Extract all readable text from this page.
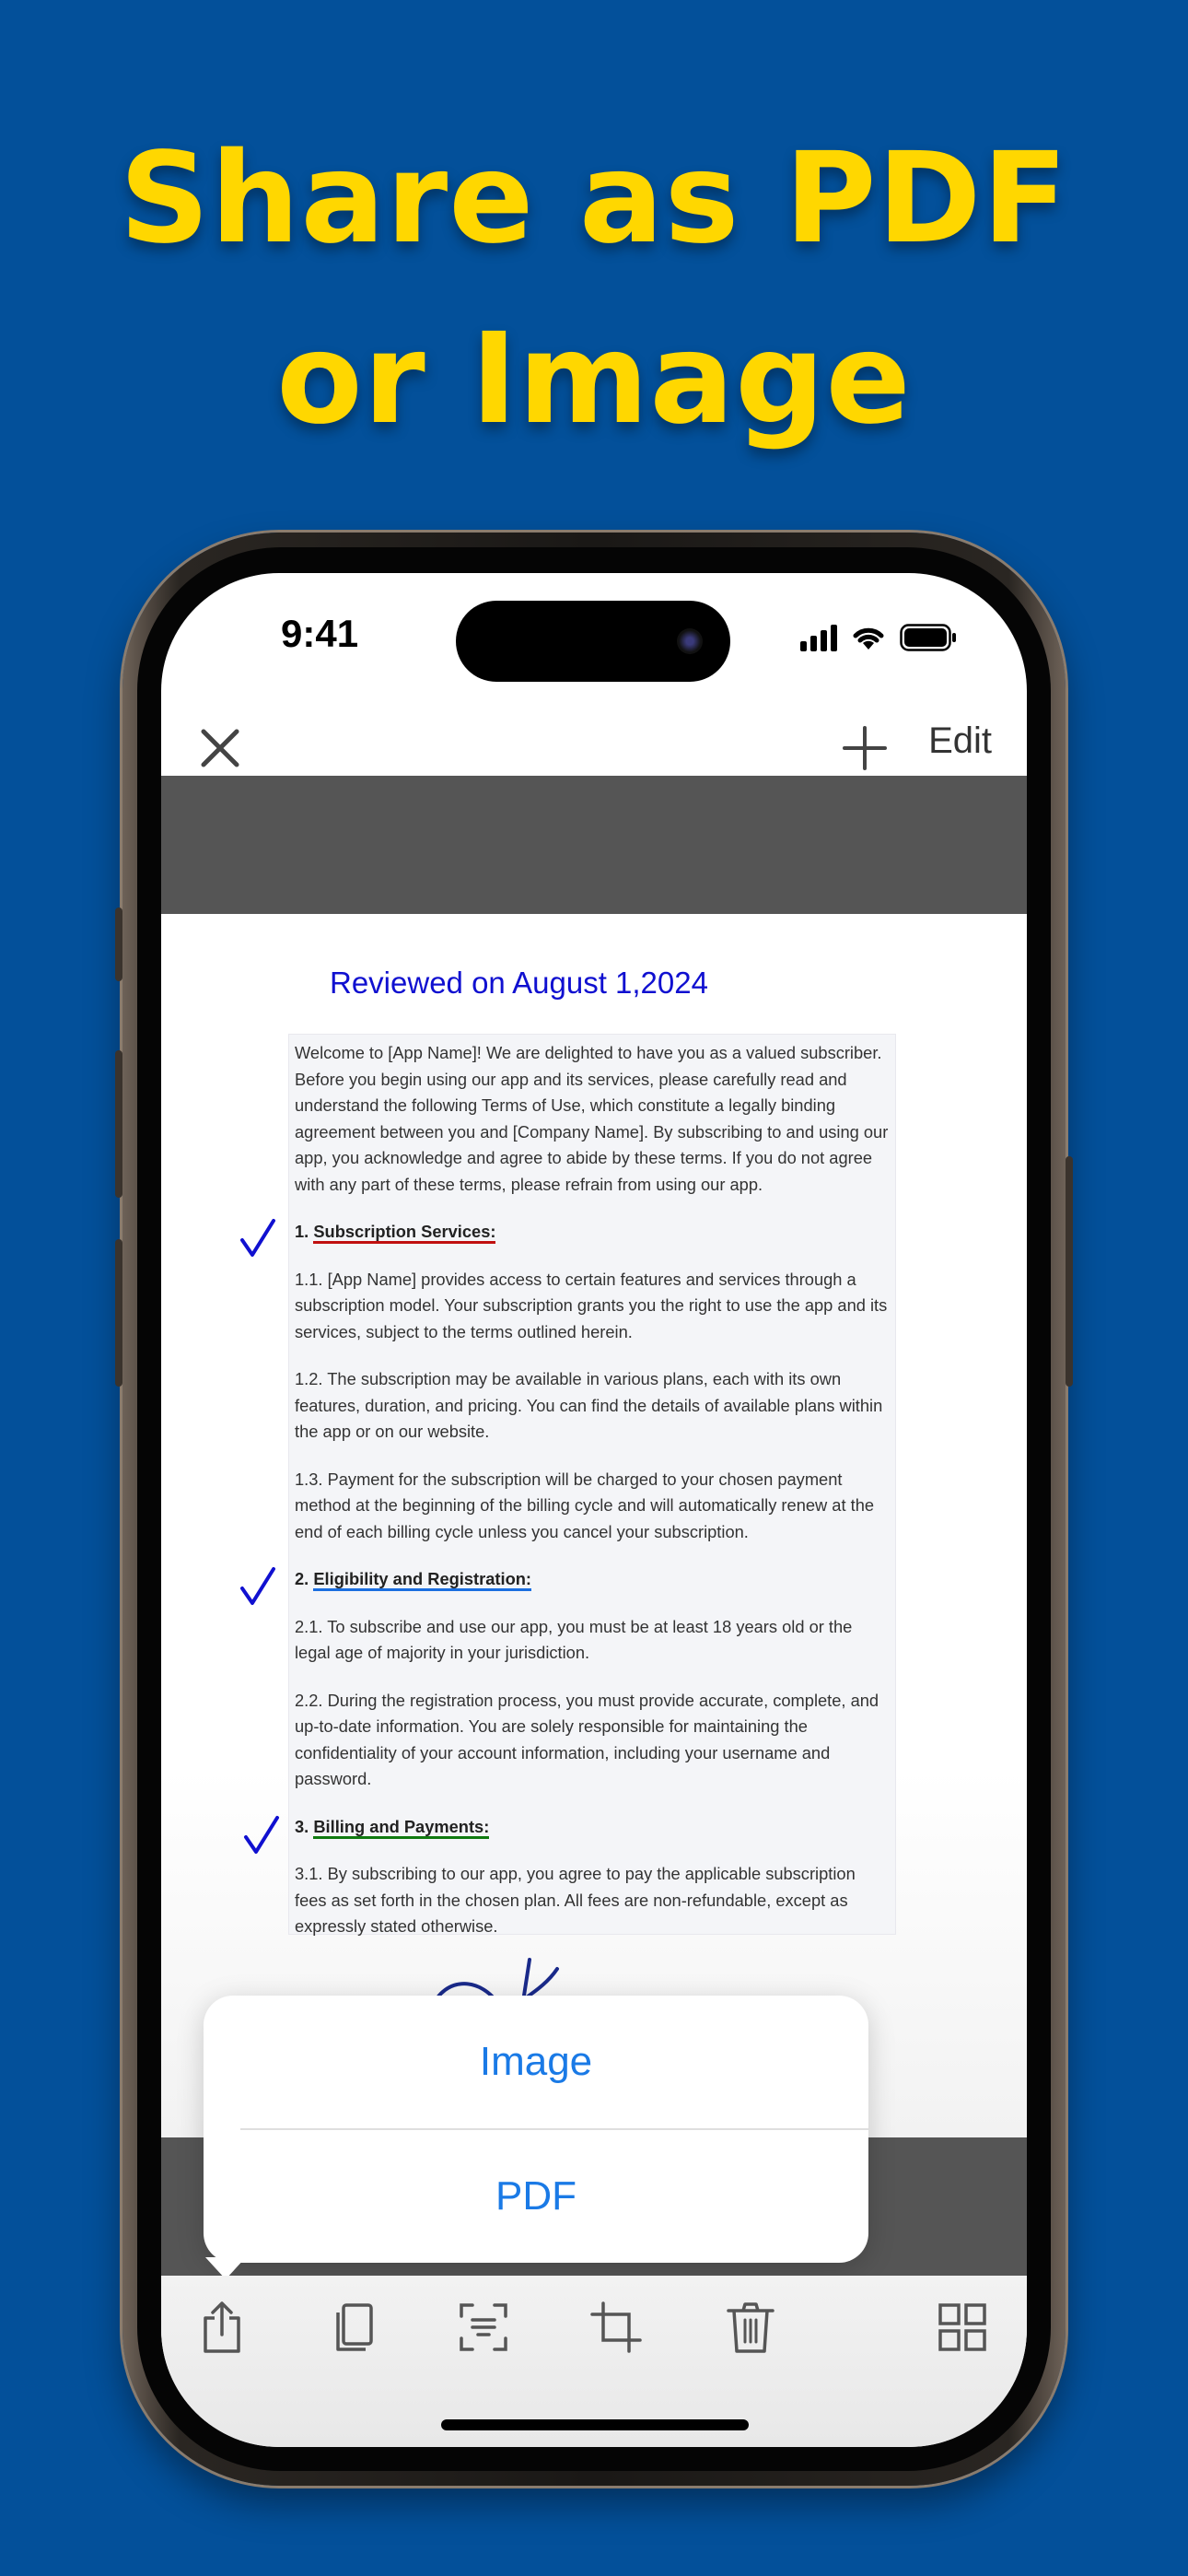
Share as PDF
or Image
9:41
Edit
Reviewed on August 1,2024

Welcome to [App Name]! We are delighted to have you as a valued subscriber. Before you begin using our app and its services, please carefully read and understand the following Terms of Use, which constitute a legally binding agreement between you and [Company Name]. By subscribing to and using our app, you acknowledge and agree to abide by these terms. If you do not agree with any part of these terms, please refrain from using our app.

1. Subscription Services:

1.1. [App Name] provides access to certain features and services through a subscription model. Your subscription grants you the right to use the app and its services, subject to the terms outlined herein.

1.2. The subscription may be available in various plans, each with its own features, duration, and pricing. You can find the details of available plans within the app or on our website.

1.3. Payment for the subscription will be charged to your chosen payment method at the beginning of the billing cycle and will automatically renew at the end of each billing cycle unless you cancel your subscription.

2. Eligibility and Registration:

2.1. To subscribe and use our app, you must be at least 18 years old or the legal age of majority in your jurisdiction.

2.2. During the registration process, you must provide accurate, complete, and up-to-date information. You are solely responsible for maintaining the confidentiality of your account information, including your username and password.

3. Billing and Payments:

3.1. By subscribing to our app, you agree to pay the applicable subscription fees as set forth in the chosen plan. All fees are non-refundable, except as expressly stated otherwise.

Image
PDF
